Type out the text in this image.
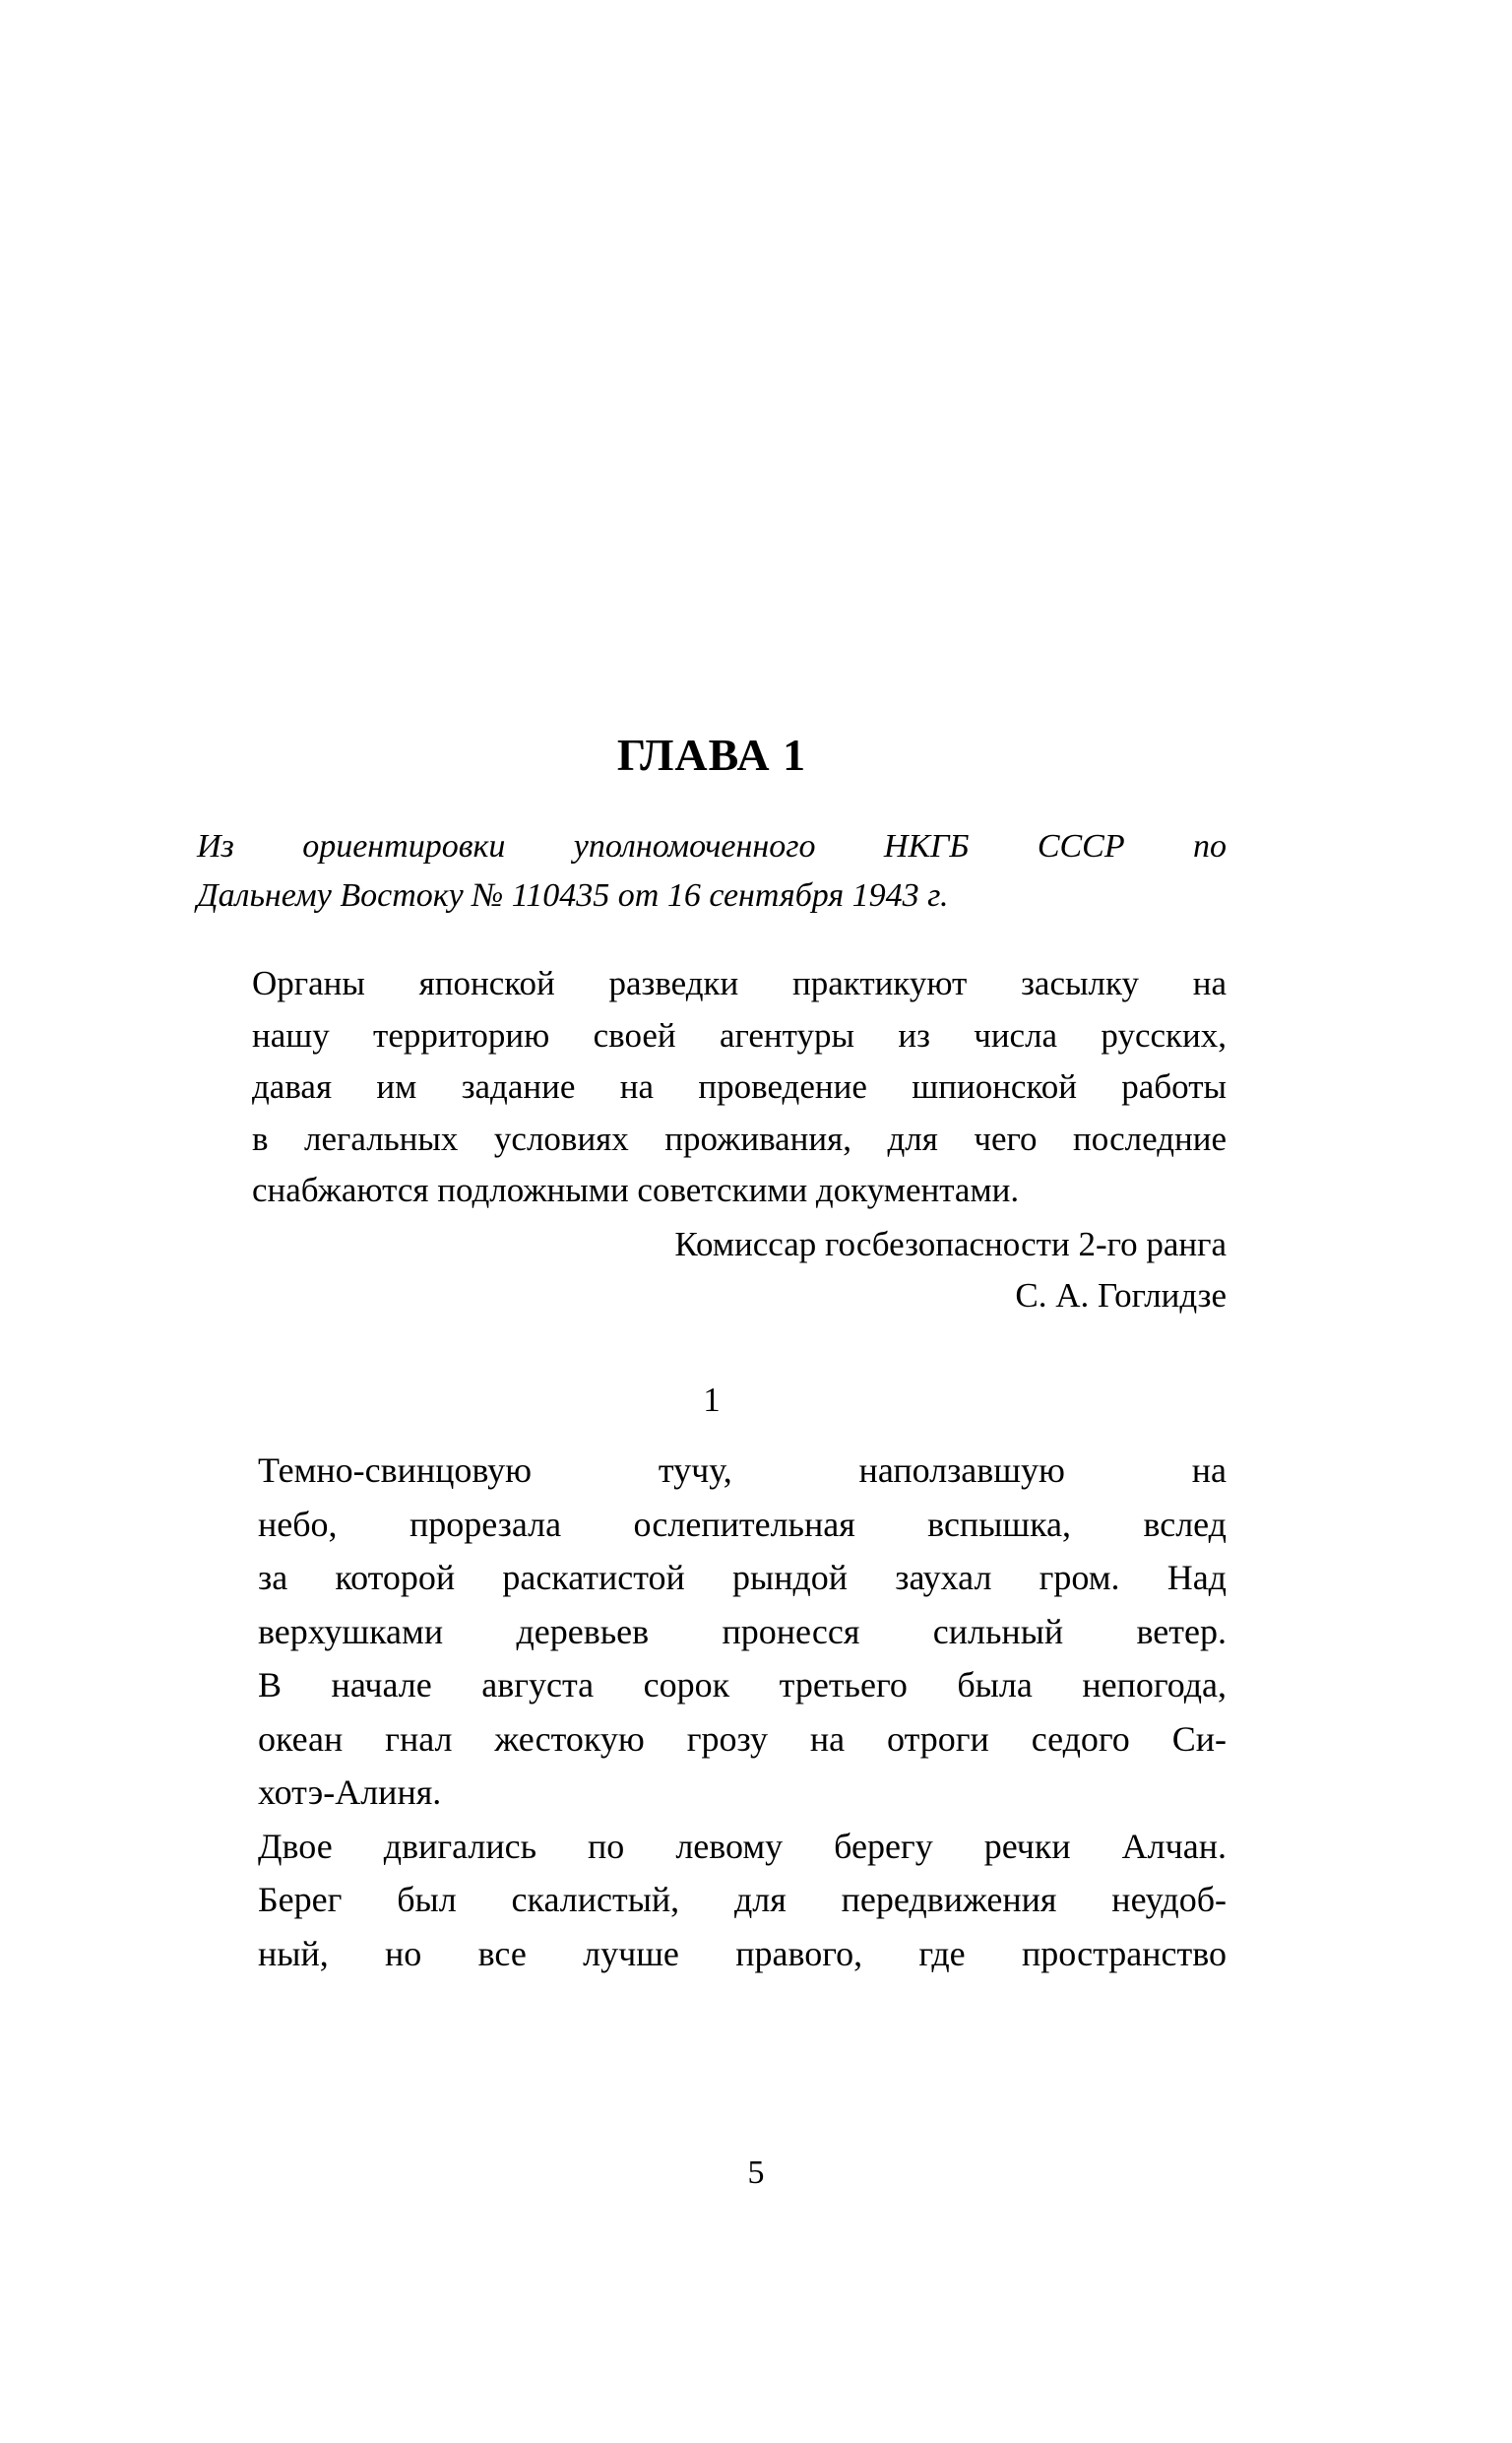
ГЛАВА 1
Из ориентировки уполномоченного НКГБ СССР по
Дальнему Востоку № 110435 от 16 сентября 1943 г.

Органы японской разведки практикуют засылку на
нашу территорию своей агентуры из числа русских,
давая им задание на проведение шпионской работы
в легальных условиях проживания, для чего последние
снабжаются подложными советскими документами.

Комиссар госбезопасности 2-го ранга
С. А. Гоглидзе
1

Темно-свинцовую тучу, наползавшую на
небо, прорезала ослепительная вспышка, вслед
за которой раскатистой рындой заухал гром. Над
верхушками деревьев пронесся сильный ветер.
В начале августа сорок третьего была непогода,
океан гнал жестокую грозу на отроги седого Си-
хотэ-Алиня.

Двое двигались по левому берегу речки Алчан.
Берег был скалистый, для передвижения неудоб-
ный, но все лучше правого, где пространство

5
